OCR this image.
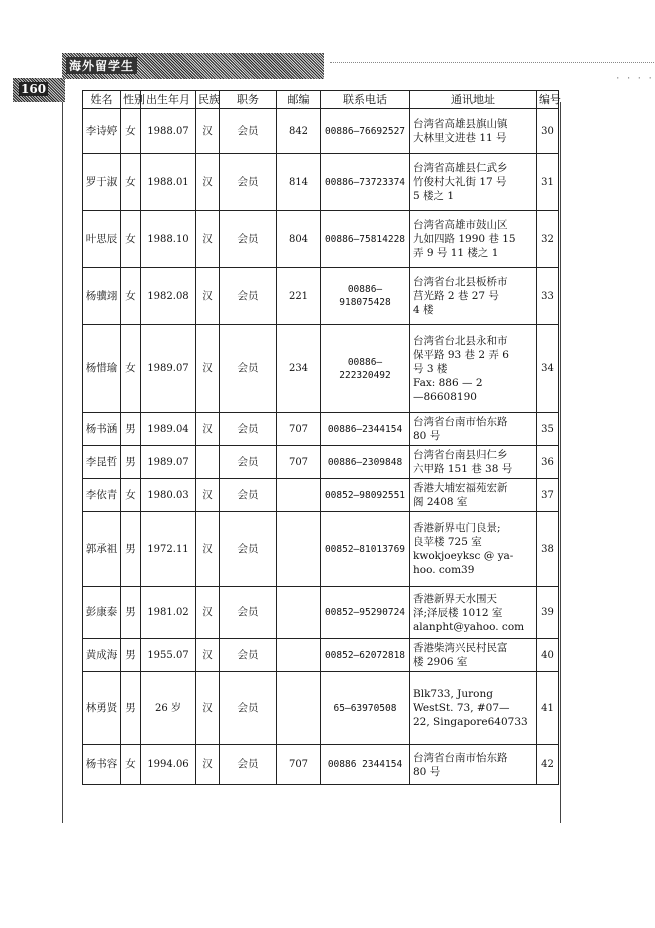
海外留学生
· · · ·
160
姓名	性别	出生年月	民族	职务	邮编	联系电话	通讯地址	编号
李诗婷	女	1988.07	汉	会员	842	00886—76692527	台湾省高雄县旗山镇
大林里文进巷 11 号	30
罗于淑	女	1988.01	汉	会员	814	00886—73723374	台湾省高雄县仁武乡
竹俊村大礼街 17 号
5 楼之 1	31
叶思辰	女	1988.10	汉	会员	804	00886—75814228	台湾省高雄市鼓山区
九如四路 1990 巷 15
弄 9 号 11 楼之 1	32
杨骥翊	女	1982.08	汉	会员	221	00886—918075428	台湾省台北县板桥市
莒光路 2 巷 27 号
4 楼	33
杨惜瑜	女	1989.07	汉	会员	234	00886—222320492	台湾省台北县永和市
保平路 93 巷 2 弄 6
号 3 楼
Fax: 886 — 2
—86608190	34
杨书涵	男	1989.04	汉	会员	707	00886—2344154	台湾省台南市怡东路
80 号	35
李昆哲	男	1989.07		会员	707	00886—2309848	台湾省台南县归仁乡
六甲路 151 巷 38 号	36
李依青	女	1980.03	汉	会员		00852—98092551	香港大埔宏福苑宏新
阁 2408 室	37
郭承祖	男	1972.11	汉	会员		00852—81013769	香港新界屯门良景;
良苹楼 725 室
kwokjoeyksc @ ya-
hoo. com39	38
彭康泰	男	1981.02	汉	会员		00852—95290724	香港新界天水围天
泽;泽辰楼 1012 室
alanpht@yahoo. com	39
黄成海	男	1955.07	汉	会员		00852—62072818	香港柴湾兴民村民富
楼 2906 室	40
林勇贤	男	26 岁	汉	会员		65—63970508	Blk733, Jurong
WestSt. 73, #07—
22, Singapore640733	41
杨书容	女	1994.06	汉	会员	707	00886 2344154	台湾省台南市怡东路
80 号	42
